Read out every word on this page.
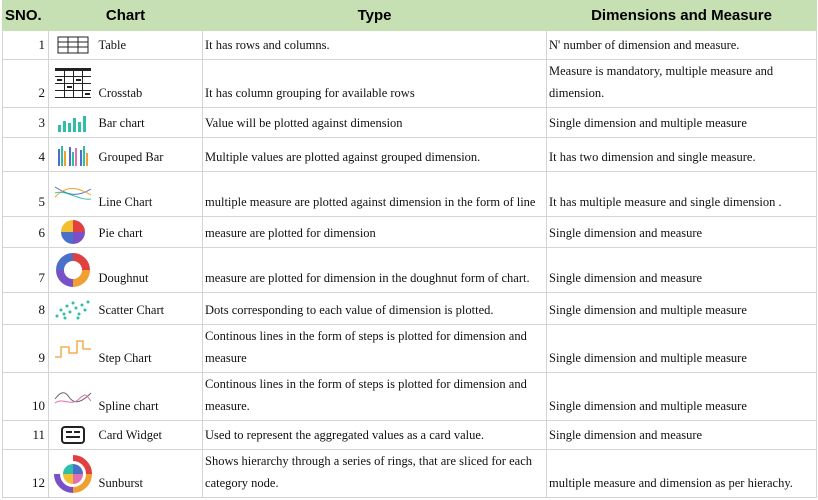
SNO.	Chart		Type	Dimensions and Measure
1		Table	It has rows and columns.	N' number of dimension and measure.
2		Crosstab	It has column grouping for available rows	Measure is mandatory, multiple measure and dimension.
3		Bar chart	Value will be plotted against dimension	Single dimension and multiple measure
4		Grouped Bar	Multiple values are plotted against grouped dimension.	It has two dimension and single measure.
5		Line Chart	multiple measure are plotted against dimension in the form of line	It has multiple measure and single dimension .
6		Pie chart	measure are plotted for dimension	Single dimension and measure
7		Doughnut	measure are plotted for dimension in the doughnut form of chart.	Single dimension and measure
8		Scatter Chart	Dots corresponding to each value of dimension is plotted.	Single dimension and multiple measure
9		Step Chart	Continous lines in the form of steps is plotted for dimension and measure	Single dimension and multiple measure
10		Spline chart	Continous lines in the form of steps is plotted for dimension and measure.	Single dimension and multiple measure
11		Card Widget	Used to represent the aggregated values as a card value.	Single dimension and measure
12		Sunburst	Shows hierarchy through a series of rings, that are sliced for each category node.	multiple measure and dimension as per hierachy.
